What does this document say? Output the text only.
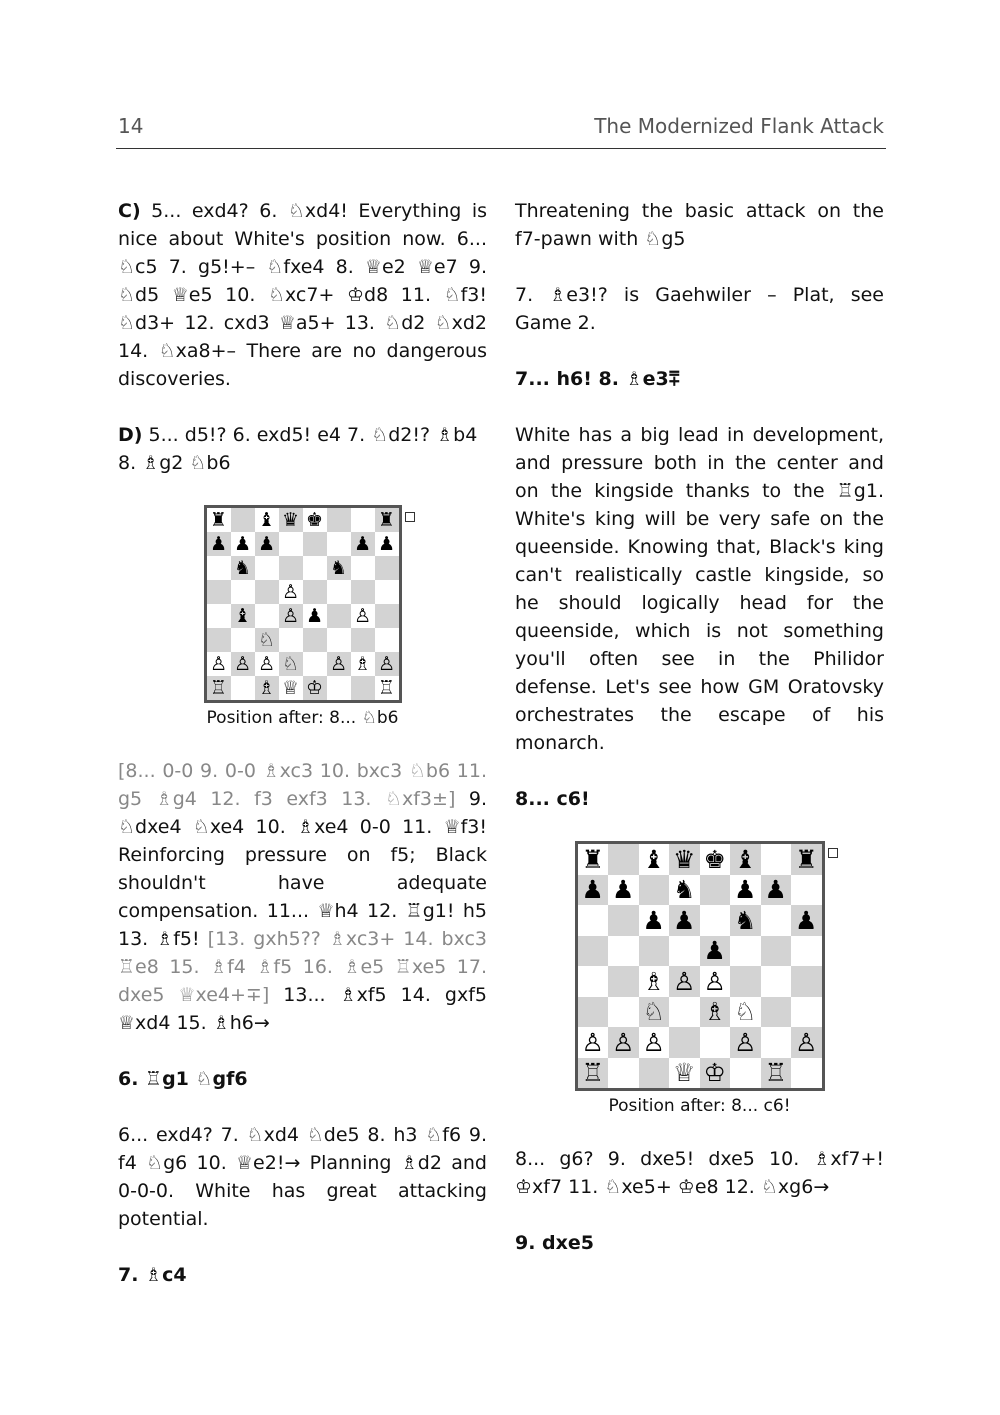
14	The Modernized Flank Attack

C) 5... exd4? 6. ♘xd4! Everything is nice about White's position now. 6... ♘c5 7. g5!+– ♘fxe4 8. ♕e2 ♕e7 9. ♘d5 ♕e5 10. ♘xc7+ ♔d8 11. ♘f3! ♘d3+ 12. cxd3 ♕a5+ 13. ♘d2 ♘xd2 14. ♘xa8+– There are no dangerous discoveries.

D) 5... d5!? 6. exd5! e4 7. ♘d2!? ♗b4 8. ♗g2 ♘b6

♜ ♝ ♛ ♚	♜
♟ ♟ ♟	♟ ♟
♞	♞
♙
♝ ♙ ♟ ♙
♘
♙ ♙ ♙ ♘ ♙ ♗ ♙
♖ ♗ ♕ ♔	♖
Position after: 8... ♘b6

[8... 0-0 9. 0-0 ♗xc3 10. bxc3 ♘b6 11. g5 ♗g4 12. f3 exf3 13. ♘xf3±] 9. ♘dxe4 ♘xe4 10. ♗xe4 0-0 11. ♕f3! Reinforcing pressure on f5; Black shouldn't have adequate compensation. 11... ♕h4 12. ♖g1! h5 13. ♗f5! [13. gxh5?? ♗xc3+ 14. bxc3 ♖e8 15. ♗f4 ♗f5 16. ♗e5 ♖xe5 17. dxe5 ♕xe4+∓] 13... ♗xf5 14. gxf5 ♕xd4 15. ♗h6→

6. ♖g1 ♘gf6

6... exd4? 7. ♘xd4 ♘de5 8. h3 ♘f6 9. f4 ♘g6 10. ♕e2!→ Planning ♗d2 and 0-0-0. White has great attacking potential.

7. ♗c4

Threatening the basic attack on the f7-pawn with ♘g5

7. ♗e3!? is Gaehwiler – Plat, see Game 2.

7... h6! 8. ♗e3⩱

White has a big lead in development, and pressure both in the center and on the kingside thanks to the ♖g1. White's king will be very safe on the queenside. Knowing that, Black's king can't realistically castle kingside, so he should logically head for the queenside, which is not something you'll often see in the Philidor defense. Let's see how GM Oratovsky orchestrates the escape of his monarch.

8... c6!

♜ ♝ ♛ ♚ ♝ ♜
♟ ♟ ♞ ♟ ♟
♟ ♟ ♞ ♟
♟
♗ ♙ ♙
♘ ♗ ♘
♙ ♙ ♙	♙ ♙
♖	♕ ♔ ♖
Position after: 8... c6!

8... g6? 9. dxe5! dxe5 10. ♗xf7+! ♔xf7 11. ♘xe5+ ♔e8 12. ♘xg6→

9. dxe5
